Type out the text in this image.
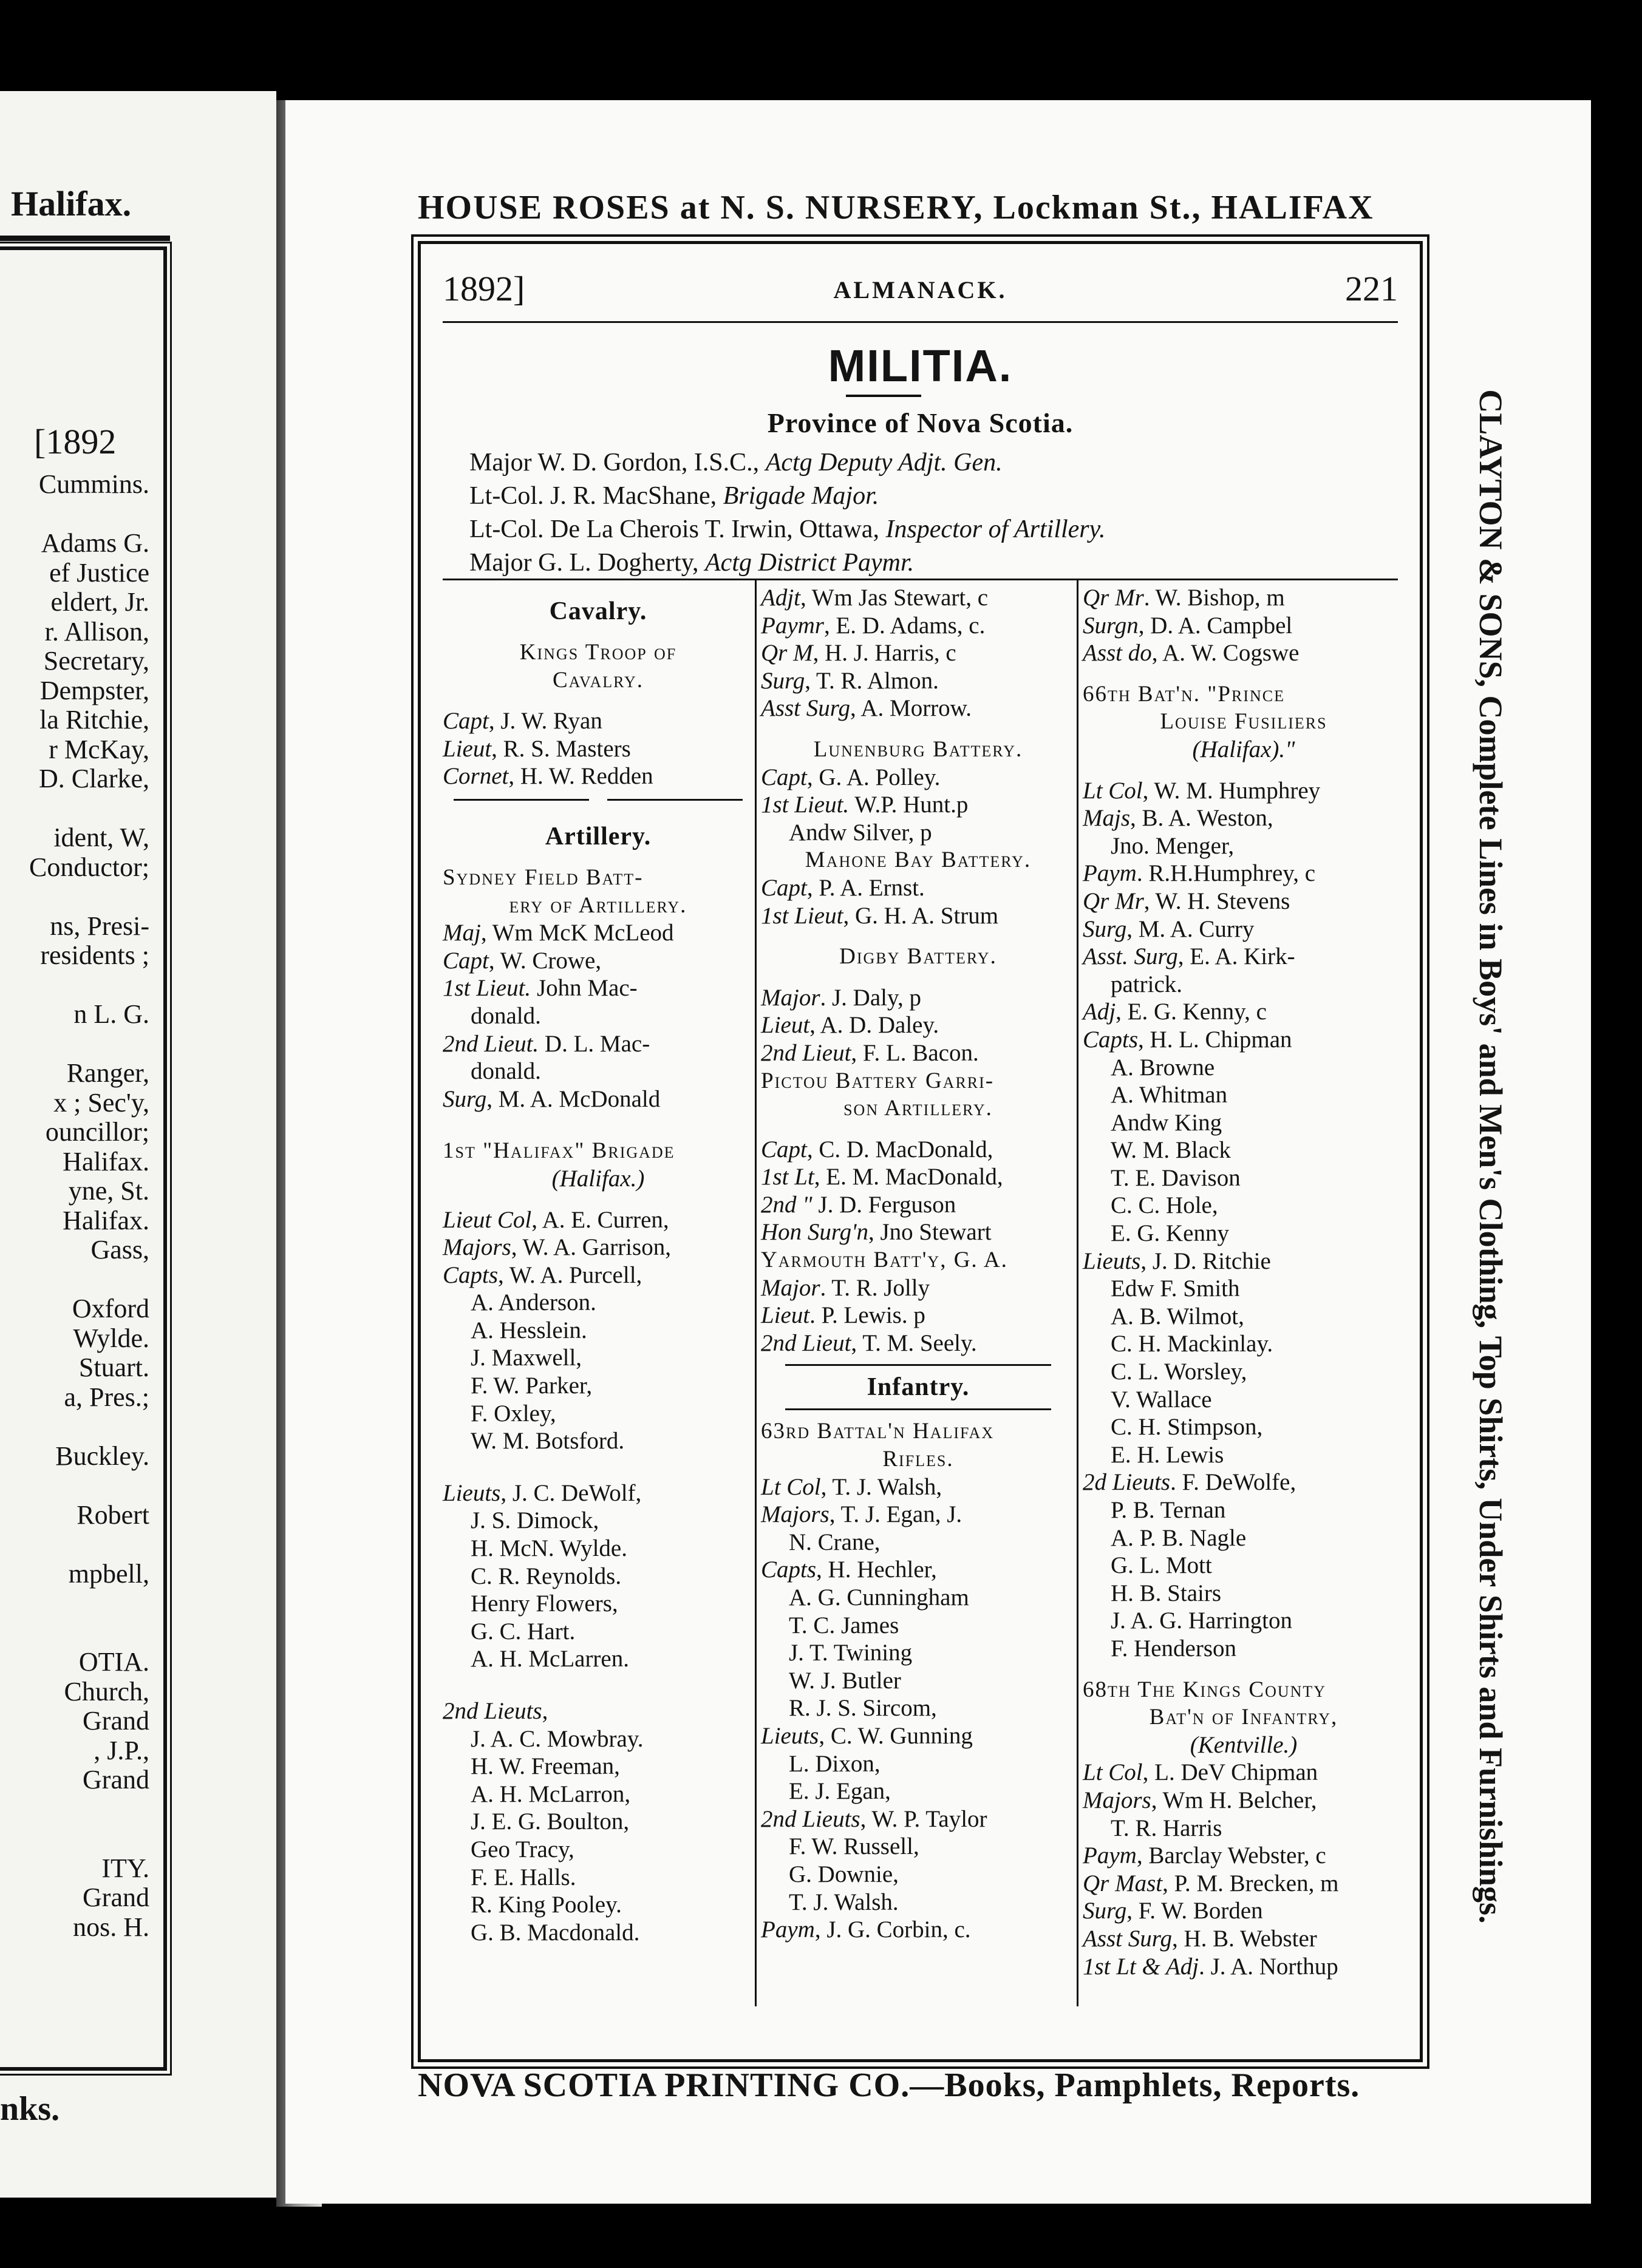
Halifax.
[1892
Cummins.
Adams G.
ef Justice
eldert, Jr.
r. Allison,
Secretary,
Dempster,
la Ritchie,
r McKay,
D. Clarke,
ident, W,
Conductor;
ns, Presi-
residents ;
n L. G.
Ranger,
x ; Sec'y,
ouncillor;
Halifax.
yne, St.
Halifax.
Gass,
Oxford
Wylde.
Stuart.
a, Pres.;
Buckley.
Robert
mpbell,
OTIA.
Church,
Grand
, J.P.,
Grand
ITY.
Grand
nos. H.
nks.
HOUSE ROSES at N. S. NURSERY, Lockman St., HALIFAX
CLAYTON & SONS, Complete Lines in Boys' and Men's Clothing, Top Shirts, Under Shirts and Furnishings.
NOVA SCOTIA PRINTING CO.—Books, Pamphlets, Reports.
1892]	ALMANACK.	221
MILITIA.
Province of Nova Scotia.
Major W. D. Gordon, I.S.C., Actg Deputy Adjt. Gen.
Lt-Col. J. R. MacShane, Brigade Major.
Lt-Col. De La Cherois T. Irwin, Ottawa, Inspector of Artillery.
Major G. L. Dogherty, Actg District Paymr.
Cavalry.
Kings Troop of
Cavalry.
Capt, J. W. Ryan
Lieut, R. S. Masters
Cornet, H. W. Redden
Artillery.
Sydney Field Batt-
ery of Artillery.
Maj, Wm McK McLeod
Capt, W. Crowe,
1st Lieut. John Mac-
donald.
2nd Lieut. D. L. Mac-
donald.
Surg, M. A. McDonald
1st "Halifax" Brigade
(Halifax.)
Lieut Col, A. E. Curren,
Majors, W. A. Garrison,
Capts, W. A. Purcell,
A. Anderson.
A. Hesslein.
J. Maxwell,
F. W. Parker,
F. Oxley,
W. M. Botsford.
Lieuts, J. C. DeWolf,
J. S. Dimock,
H. McN. Wylde.
C. R. Reynolds.
Henry Flowers,
G. C. Hart.
A. H. McLarren.
2nd Lieuts,
J. A. C. Mowbray.
H. W. Freeman,
A. H. McLarron,
J. E. G. Boulton,
Geo Tracy,
F. E. Halls.
R. King Pooley.
G. B. Macdonald.
Adjt, Wm Jas Stewart, c
Paymr, E. D. Adams, c.
Qr M, H. J. Harris, c
Surg, T. R. Almon.
Asst Surg, A. Morrow.
Lunenburg Battery.
Capt, G. A. Polley.
1st Lieut. W.P. Hunt.p
Andw Silver, p
Mahone Bay Battery.
Capt, P. A. Ernst.
1st Lieut, G. H. A. Strum
Digby Battery.
Major. J. Daly, p
Lieut, A. D. Daley.
2nd Lieut, F. L. Bacon.
Pictou Battery Garri-
son Artillery.
Capt, C. D. MacDonald,
1st Lt, E. M. MacDonald,
2nd " J. D. Ferguson
Hon Surg'n, Jno Stewart
Yarmouth Batt'y, G. A.
Major. T. R. Jolly
Lieut. P. Lewis. p
2nd Lieut, T. M. Seely.
Infantry.
63rd Battal'n Halifax
Rifles.
Lt Col, T. J. Walsh,
Majors, T. J. Egan, J.
N. Crane,
Capts, H. Hechler,
A. G. Cunningham
T. C. James
J. T. Twining
W. J. Butler
R. J. S. Sircom,
Lieuts, C. W. Gunning
L. Dixon,
E. J. Egan,
2nd Lieuts, W. P. Taylor
F. W. Russell,
G. Downie,
T. J. Walsh.
Paym, J. G. Corbin, c.
Qr Mr. W. Bishop, m
Surgn, D. A. Campbel
Asst do, A. W. Cogswe
66th Bat'n. "Prince
Louise Fusiliers
(Halifax)."
Lt Col, W. M. Humphrey
Majs, B. A. Weston,
Jno. Menger,
Paym. R.H.Humphrey, c
Qr Mr, W. H. Stevens
Surg, M. A. Curry
Asst. Surg, E. A. Kirk-
patrick.
Adj, E. G. Kenny, c
Capts, H. L. Chipman
A. Browne
A. Whitman
Andw King
W. M. Black
T. E. Davison
C. C. Hole,
E. G. Kenny
Lieuts, J. D. Ritchie
Edw F. Smith
A. B. Wilmot,
C. H. Mackinlay.
C. L. Worsley,
V. Wallace
C. H. Stimpson,
E. H. Lewis
2d Lieuts. F. DeWolfe,
P. B. Ternan
A. P. B. Nagle
G. L. Mott
H. B. Stairs
J. A. G. Harrington
F. Henderson
68th The Kings County
Bat'n of Infantry,
(Kentville.)
Lt Col, L. DeV Chipman
Majors, Wm H. Belcher,
T. R. Harris
Paym, Barclay Webster, c
Qr Mast, P. M. Brecken, m
Surg, F. W. Borden
Asst Surg, H. B. Webster
1st Lt & Adj. J. A. Northup
